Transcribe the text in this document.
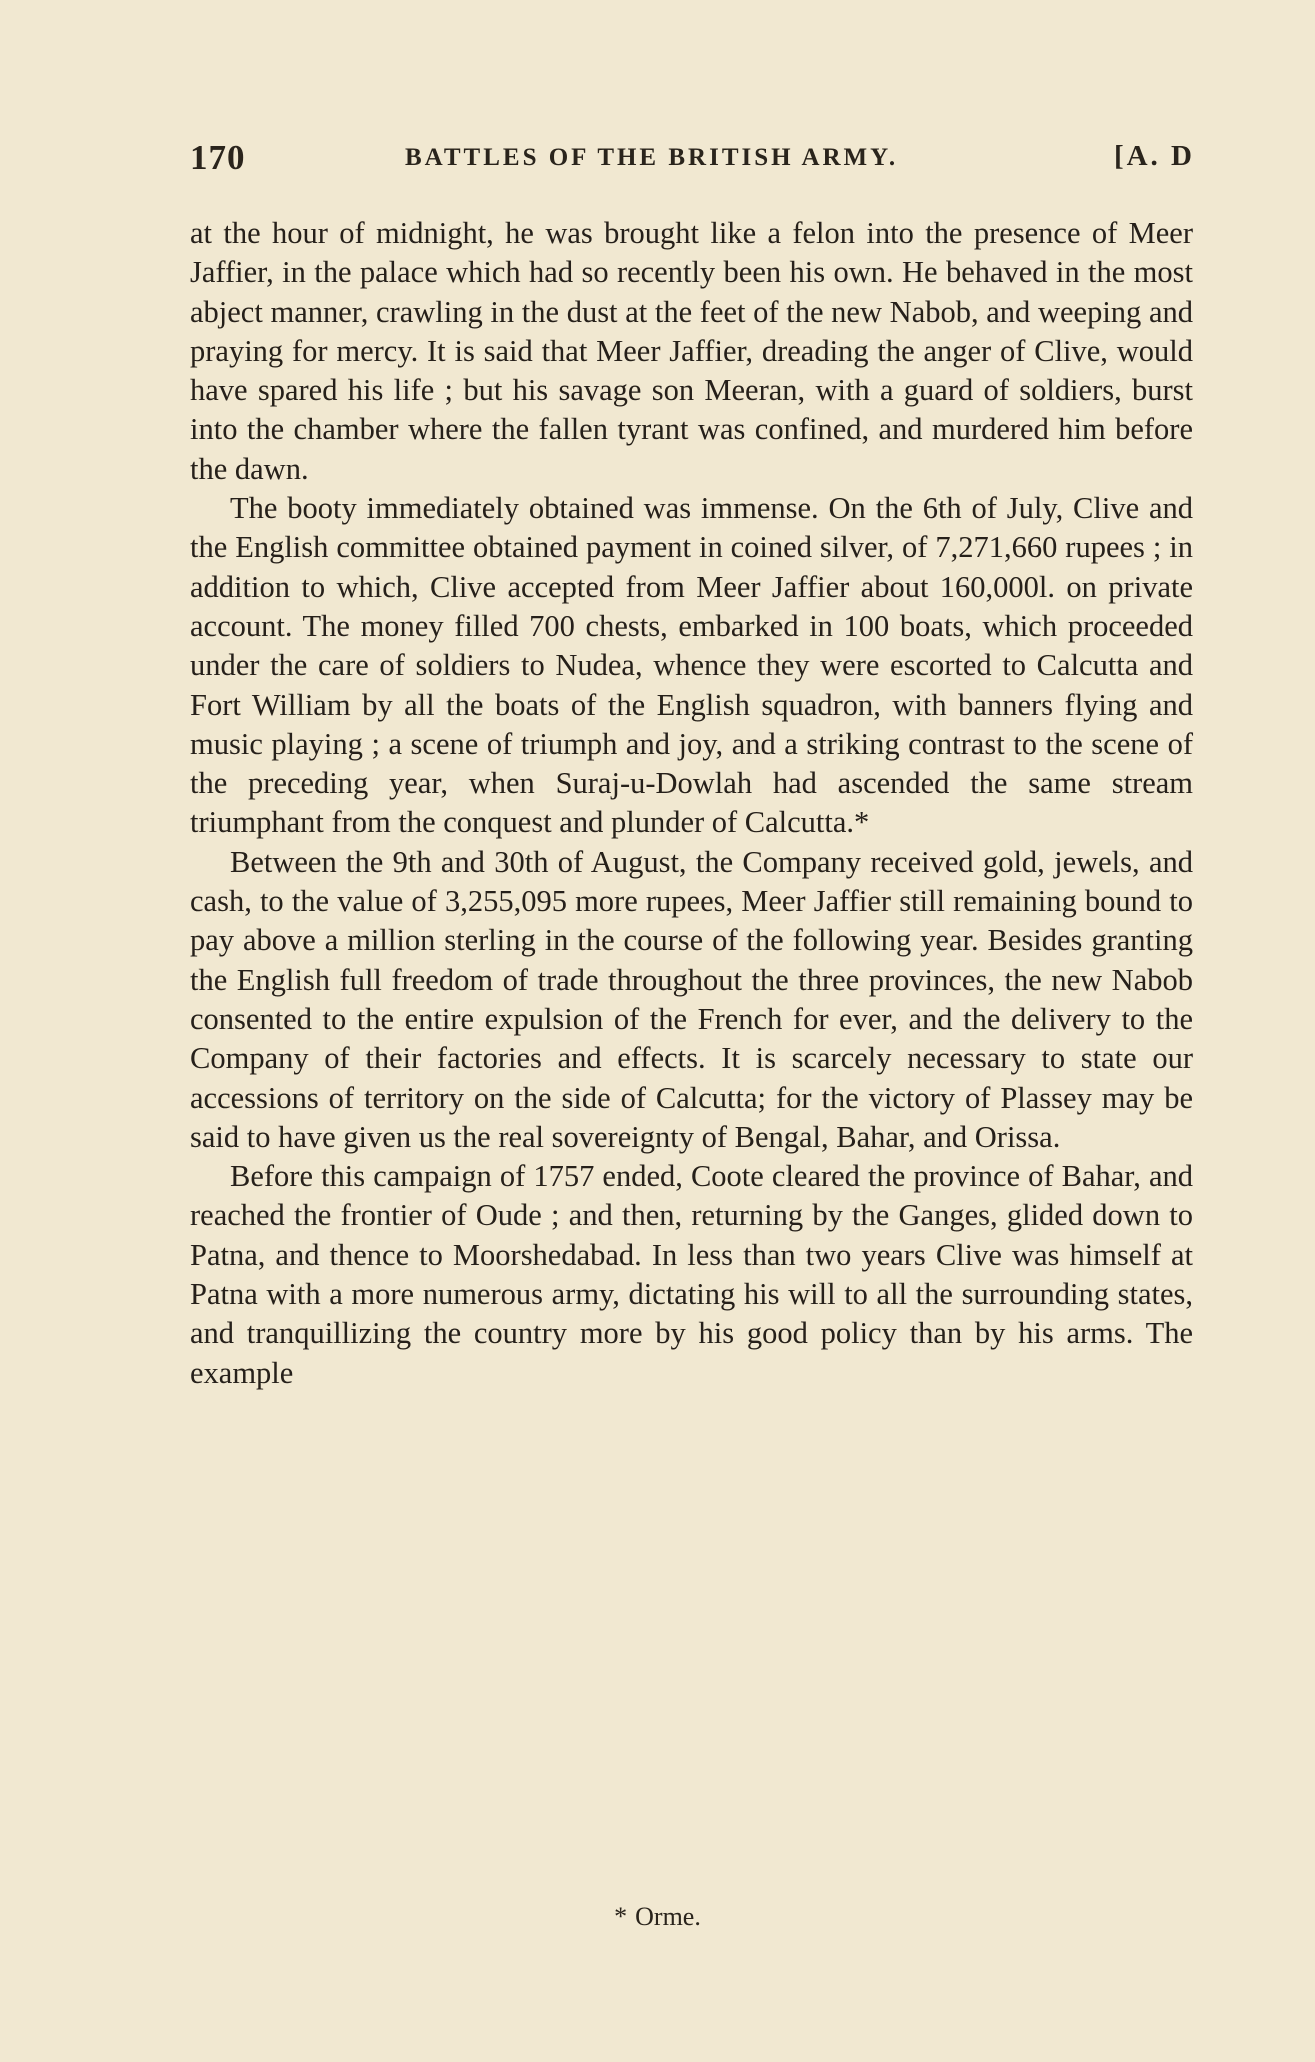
170	BATTLES OF THE BRITISH ARMY.	[A. D

at the hour of midnight, he was brought like a felon into the presence of Meer Jaffier, in the palace which had so recently been his own. He behaved in the most abject manner, crawling in the dust at the feet of the new Nabob, and weeping and praying for mercy. It is said that Meer Jaffier, dreading the anger of Clive, would have spared his life ; but his savage son Meeran, with a guard of soldiers, burst into the chamber where the fallen tyrant was confined, and murdered him before the dawn.

The booty immediately obtained was immense. On the 6th of July, Clive and the English committee obtained payment in coined silver, of 7,271,660 rupees ; in addition to which, Clive accepted from Meer Jaffier about 160,000l. on private account. The money filled 700 chests, embarked in 100 boats, which proceeded under the care of soldiers to Nudea, whence they were escorted to Calcutta and Fort William by all the boats of the English squadron, with banners flying and music playing ; a scene of triumph and joy, and a striking contrast to the scene of the preceding year, when Suraj-u-Dowlah had ascended the same stream triumphant from the conquest and plunder of Calcutta.*

Between the 9th and 30th of August, the Company received gold, jewels, and cash, to the value of 3,255,095 more rupees, Meer Jaffier still remaining bound to pay above a million sterling in the course of the following year. Besides granting the English full freedom of trade throughout the three provinces, the new Nabob consented to the entire expulsion of the French for ever, and the delivery to the Company of their factories and effects. It is scarcely necessary to state our accessions of territory on the side of Calcutta; for the victory of Plassey may be said to have given us the real sovereignty of Bengal, Bahar, and Orissa.

Before this campaign of 1757 ended, Coote cleared the province of Bahar, and reached the frontier of Oude ; and then, returning by the Ganges, glided down to Patna, and thence to Moorshedabad. In less than two years Clive was himself at Patna with a more numerous army, dictating his will to all the surrounding states, and tranquillizing the country more by his good policy than by his arms. The example

* Orme.
